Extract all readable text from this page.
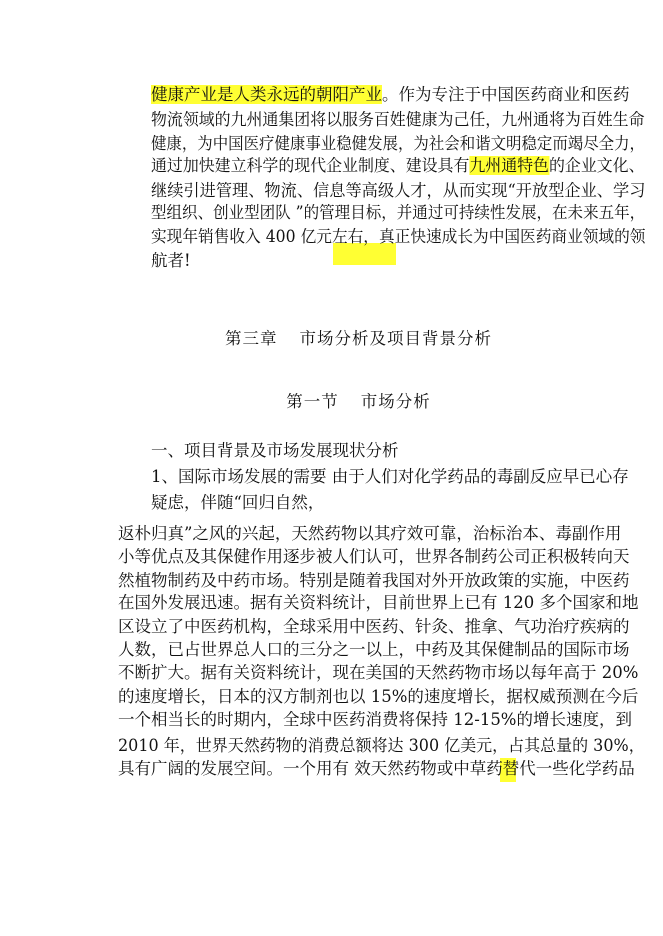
健康产业是人类永远的朝阳产业。作为专注于中国医药商业和医药
物流领域的九州通集团将以服务百姓健康为己任，九州通将为百姓生命
健康，为中国医疗健康事业稳健发展，为社会和谐文明稳定而竭尽全力，
通过加快建立科学的现代企业制度、建设具有九州通特色的企业文化、
继续引进管理、物流、信息等高级人才，从而实现“开放型企业、学习
型组织、创业型团队 ”的管理目标，并通过可持续性发展，在未来五年，
实现年销售收入 400 亿元左右，真正快速成长为中国医药商业领域的领
航者!
第三章 市场分析及项目背景分析
第一节 市场分析
一、项目背景及市场发展现状分析
1、国际市场发展的需要 由于人们对化学药品的毒副反应早已心存
疑虑，伴随“回归自然，
返朴归真”之风的兴起，天然药物以其疗效可靠，治标治本、毒副作用
小等优点及其保健作用逐步被人们认可，世界各制药公司正积极转向天
然植物制药及中药市场。特别是随着我国对外开放政策的实施，中医药
在国外发展迅速。据有关资料统计，目前世界上已有 120 多个国家和地
区设立了中医药机构，全球采用中医药、针灸、推拿、气功治疗疾病的
人数，已占世界总人口的三分之一以上，中药及其保健制品的国际市场
不断扩大。据有关资料统计，现在美国的天然药物市场以每年高于 20%
的速度增长，日本的汉方制剂也以 15%的速度增长，据权威预测在今后
一个相当长的时期内，全球中医药消费将保持 12-15%的增长速度，到
2010 年，世界天然药物的消费总额将达 300 亿美元，占其总量的 30%，
具有广阔的发展空间。一个用有 效天然药物或中草药替代一些化学药品
